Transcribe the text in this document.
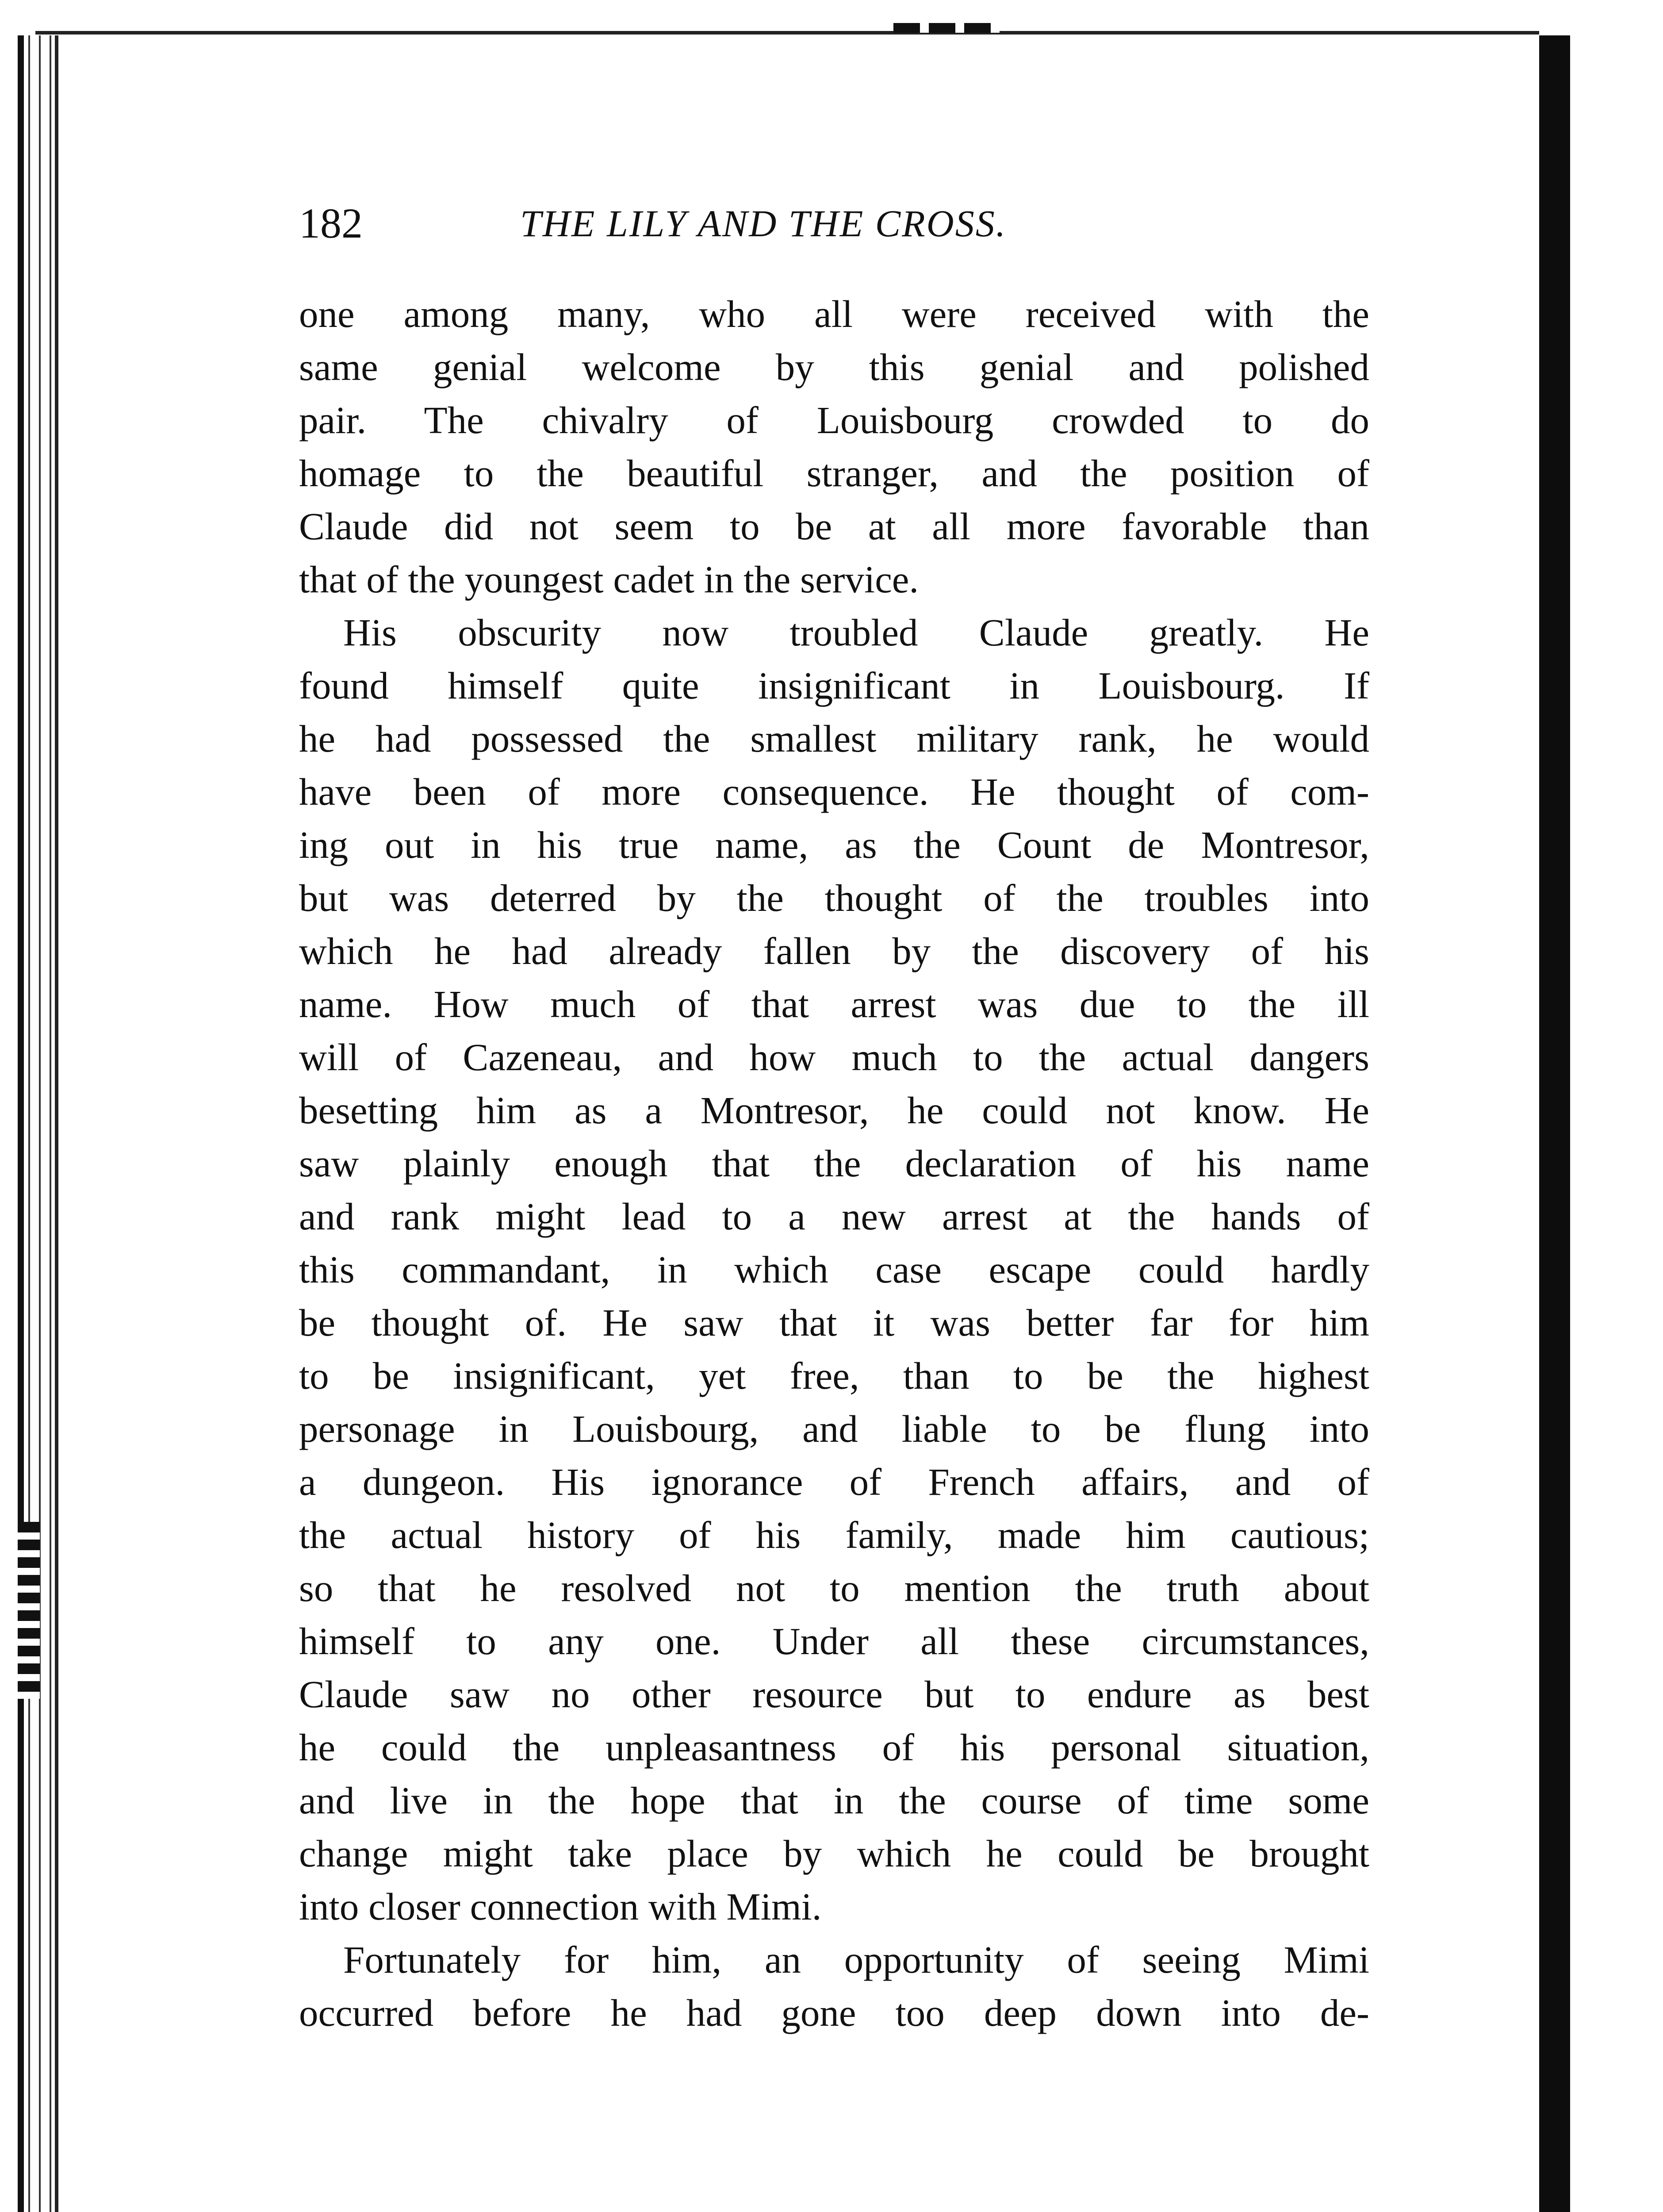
182	THE LILY AND THE CROSS.
one among many, who all were received with the
same genial welcome by this genial and polished
pair. The chivalry of Louisbourg crowded to do
homage to the beautiful stranger, and the position of
Claude did not seem to be at all more favorable than
that of the youngest cadet in the service.
His obscurity now troubled Claude greatly. He
found himself quite insignificant in Louisbourg. If
he had possessed the smallest military rank, he would
have been of more consequence. He thought of com-
ing out in his true name, as the Count de Montresor,
but was deterred by the thought of the troubles into
which he had already fallen by the discovery of his
name. How much of that arrest was due to the ill
will of Cazeneau, and how much to the actual dangers
besetting him as a Montresor, he could not know. He
saw plainly enough that the declaration of his name
and rank might lead to a new arrest at the hands of
this commandant, in which case escape could hardly
be thought of. He saw that it was better far for him
to be insignificant, yet free, than to be the highest
personage in Louisbourg, and liable to be flung into
a dungeon. His ignorance of French affairs, and of
the actual history of his family, made him cautious;
so that he resolved not to mention the truth about
himself to any one. Under all these circumstances,
Claude saw no other resource but to endure as best
he could the unpleasantness of his personal situation,
and live in the hope that in the course of time some
change might take place by which he could be brought
into closer connection with Mimi.
Fortunately for him, an opportunity of seeing Mimi
occurred before he had gone too deep down into de-
